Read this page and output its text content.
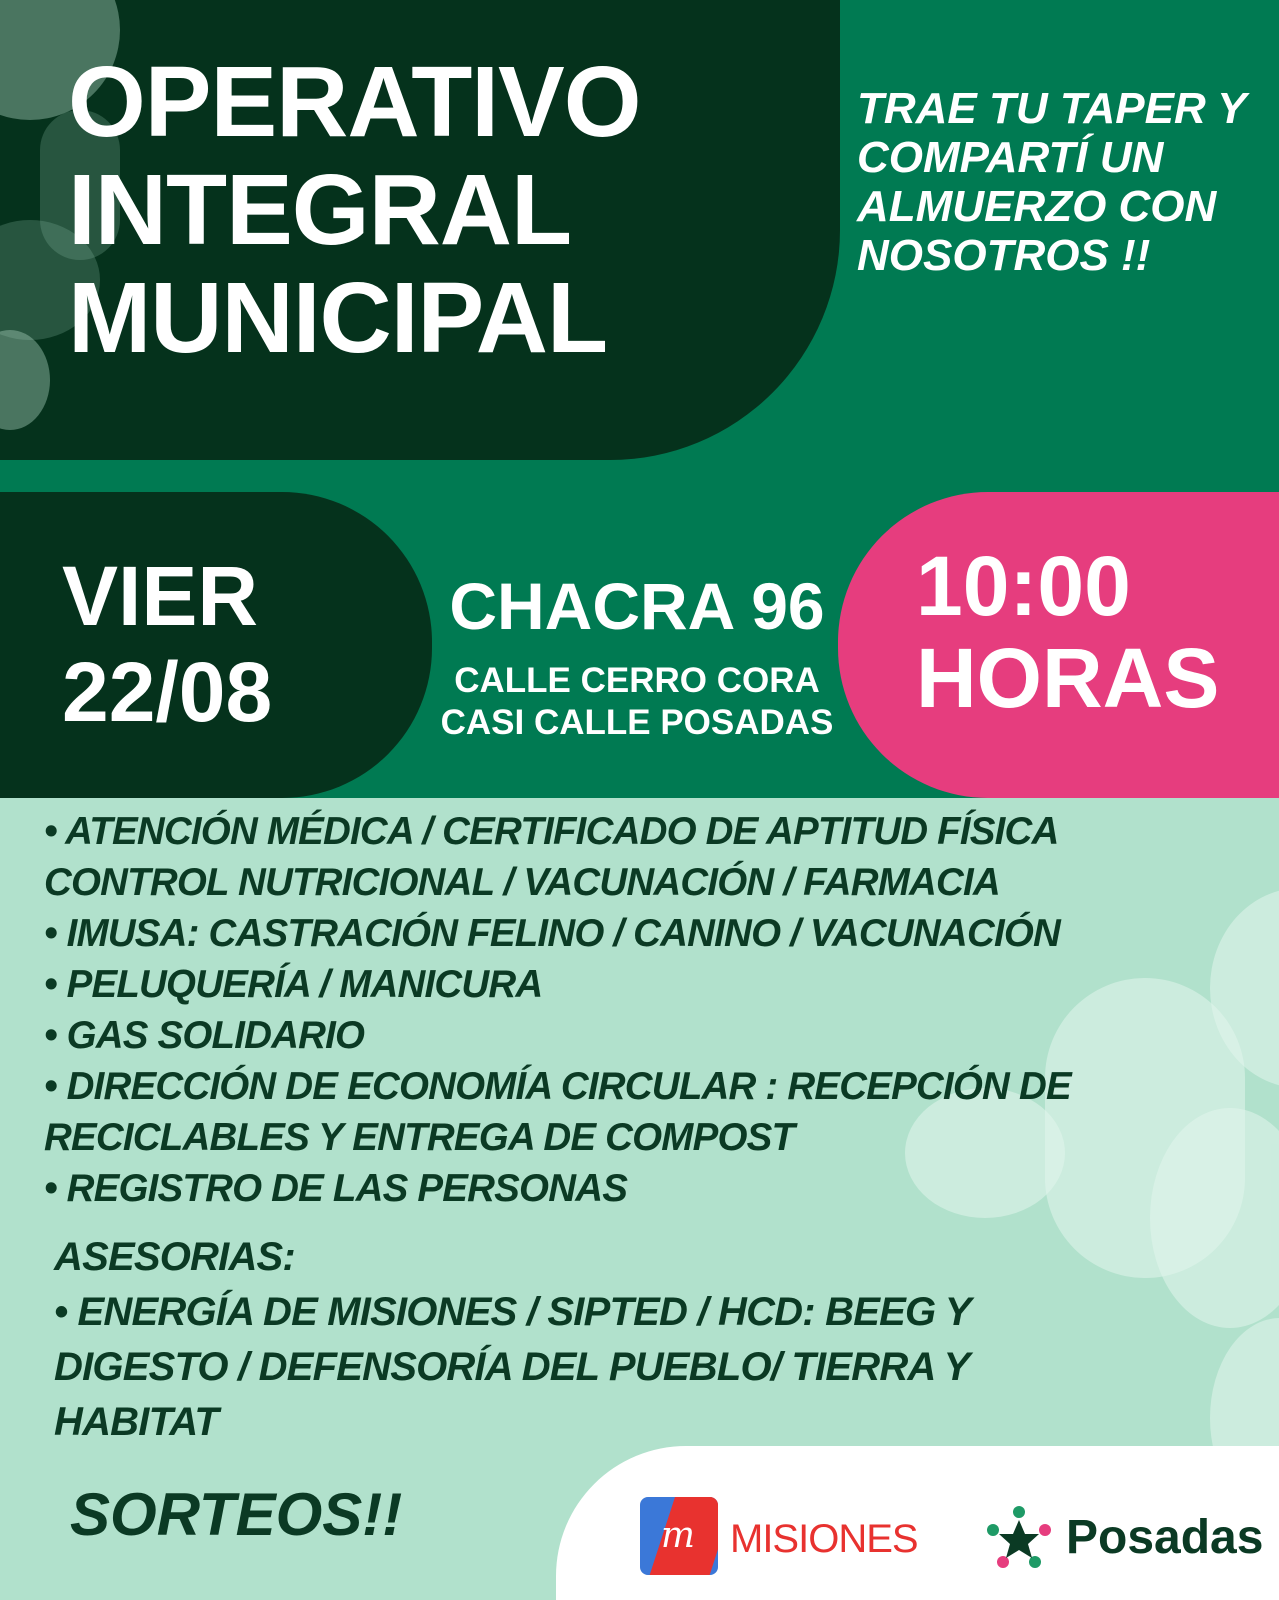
OPERATIVO
INTEGRAL
MUNICIPAL
TRAE TU TAPER Y
COMPARTÍ UN
ALMUERZO CON
NOSOTROS !!
VIER
22/08
CHACRA 96
CALLE CERRO CORA
CASI CALLE POSADAS
10:00
HORAS
• ATENCIÓN MÉDICA / CERTIFICADO DE APTITUD FÍSICA
CONTROL NUTRICIONAL / VACUNACIÓN / FARMACIA
• IMUSA: CASTRACIÓN FELINO / CANINO / VACUNACIÓN
• PELUQUERÍA / MANICURA
• GAS SOLIDARIO
• DIRECCIÓN DE ECONOMÍA CIRCULAR : RECEPCIÓN DE
RECICLABLES Y ENTREGA DE COMPOST
• REGISTRO DE LAS PERSONAS
ASESORIAS:
• ENERGÍA DE MISIONES / SIPTED / HCD: BEEG Y
DIGESTO / DEFENSORÍA DEL PUEBLO/ TIERRA Y
HABITAT
SORTEOS!!	m MISIONES	Posadas
